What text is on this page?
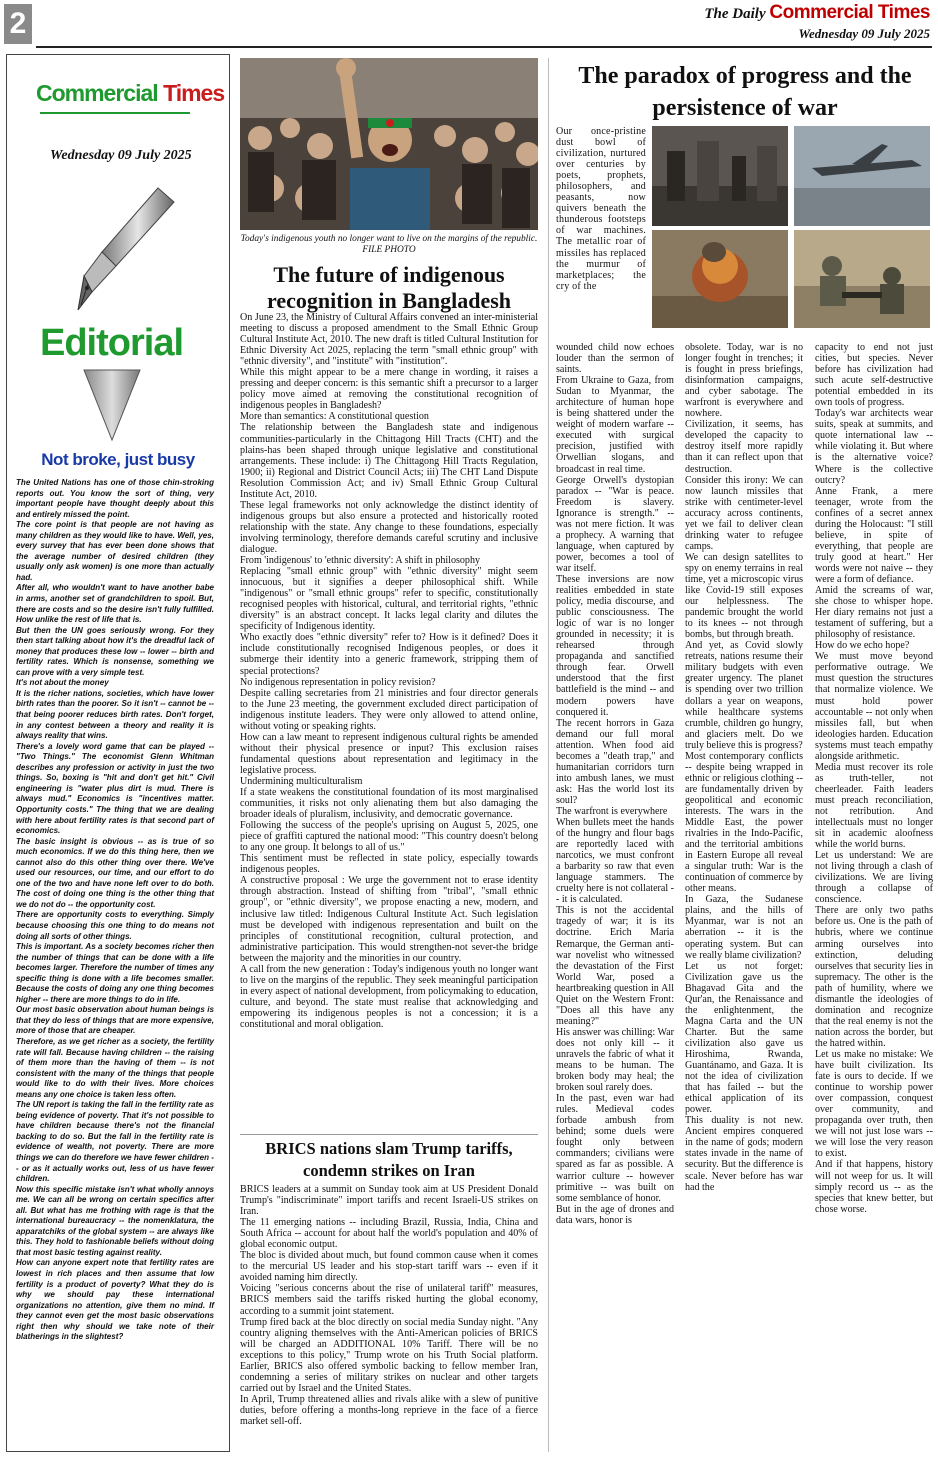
2	The Daily Commercial Times
Wednesday 09 July 2025
Commercial Times
Wednesday 09 July 2025
Editorial
Not broke, just busy

The United Nations has one of those chin-stroking reports out. You know the sort of thing, very important people have thought deeply about this and entirely missed the point.

The core point is that people are not having as many children as they would like to have. Well, yes, every survey that has ever been done shows that the average number of desired children (they usually only ask women) is one more than actually had.

After all, who wouldn't want to have another babe in arms, another set of grandchildren to spoil. But, there are costs and so the desire isn't fully fulfilled. How unlike the rest of life that is.

But then the UN goes seriously wrong. For they then start talking about how it's the dreadful lack of money that produces these low -- lower -- birth and fertility rates. Which is nonsense, something we can prove with a very simple test.

It's not about the money

It is the richer nations, societies, which have lower birth rates than the poorer. So it isn't -- cannot be -- that being poorer reduces birth rates. Don't forget, in any contest between a theory and reality it is always reality that wins.

There's a lovely word game that can be played -- "Two Things." The economist Glenn Whitman describes any profession or activity in just the two things. So, boxing is "hit and don't get hit." Civil engineering is "water plus dirt is mud. There is always mud." Economics is "incentives matter. Opportunity costs." The thing that we are dealing with here about fertility rates is that second part of economics.

The basic insight is obvious -- as is true of so much economics. If we do this thing here, then we cannot also do this other thing over there. We've used our resources, our time, and our effort to do one of the two and have none left over to do both. The cost of doing one thing is the other thing that we do not do -- the opportunity cost.

There are opportunity costs to everything. Simply because choosing this one thing to do means not doing all sorts of other things.

This is important. As a society becomes richer then the number of things that can be done with a life becomes larger. Therefore the number of times any specific thing is done with a life becomes smaller. Because the costs of doing any one thing becomes higher -- there are more things to do in life.

Our most basic observation about human beings is that they do less of things that are more expensive, more of those that are cheaper.

Therefore, as we get richer as a society, the fertility rate will fall. Because having children -- the raising of them more than the having of them -- is not consistent with the many of the things that people would like to do with their lives. More choices means any one choice is taken less often.

The UN report is taking the fall in the fertility rate as being evidence of poverty. That it's not possible to have children because there's not the financial backing to do so. But the fall in the fertility rate is evidence of wealth, not poverty. There are more things we can do therefore we have fewer children -- or as it actually works out, less of us have fewer children.

Now this specific mistake isn't what wholly annoys me. We can all be wrong on certain specifics after all. But what has me frothing with rage is that the international bureaucracy -- the nomenklatura, the apparatchiks of the global system -- are always like this. They hold to fashionable beliefs without doing that most basic testing against reality.

How can anyone expert note that fertility rates are lowest in rich places and then assume that low fertility is a product of poverty? What they do is why we should pay these international organizations no attention, give them no mind. If they cannot even get the most basic observations right then why should we take note of their blatherings in the slightest?

Today's indigenous youth no longer want to live on the margins of the republic. FILE PHOTO
The future of indigenous recognition in Bangladesh

On June 23, the Ministry of Cultural Affairs convened an inter-ministerial meeting to discuss a proposed amendment to the Small Ethnic Group Cultural Institute Act, 2010. The new draft is titled Cultural Institution for Ethnic Diversity Act 2025, replacing the term "small ethnic group" with "ethnic diversity", and "institute" with "institution".

While this might appear to be a mere change in wording, it raises a pressing and deeper concern: is this semantic shift a precursor to a larger policy move aimed at removing the constitutional recognition of indigenous peoples in Bangladesh?

More than semantics: A constitutional question

The relationship between the Bangladesh state and indigenous communities-particularly in the Chittagong Hill Tracts (CHT) and the plains-has been shaped through unique legislative and constitutional arrangements. These include: i) The Chittagong Hill Tracts Regulation, 1900; ii) Regional and District Council Acts; iii) The CHT Land Dispute Resolution Commission Act; and iv) Small Ethnic Group Cultural Institute Act, 2010.

These legal frameworks not only acknowledge the distinct identity of indigenous groups but also ensure a protected and historically rooted relationship with the state. Any change to these foundations, especially involving terminology, therefore demands careful scrutiny and inclusive dialogue.

From 'indigenous' to 'ethnic diversity': A shift in philosophy

Replacing "small ethnic group" with "ethnic diversity" might seem innocuous, but it signifies a deeper philosophical shift. While "indigenous" or "small ethnic groups" refer to specific, constitutionally recognised peoples with historical, cultural, and territorial rights, "ethnic diversity" is an abstract concept. It lacks legal clarity and dilutes the specificity of Indigenous identity.

Who exactly does "ethnic diversity" refer to? How is it defined? Does it include constitutionally recognised Indigenous peoples, or does it submerge their identity into a generic framework, stripping them of special protections?

No indigenous representation in policy revision?

Despite calling secretaries from 21 ministries and four director generals to the June 23 meeting, the government excluded direct participation of indigenous institute leaders. They were only allowed to attend online, without voting or speaking rights.

How can a law meant to represent indigenous cultural rights be amended without their physical presence or input? This exclusion raises fundamental questions about representation and legitimacy in the legislative process.

Undermining multiculturalism

If a state weakens the constitutional foundation of its most marginalised communities, it risks not only alienating them but also damaging the broader ideals of pluralism, inclusivity, and democratic governance.

Following the success of the people's uprising on August 5, 2025, one piece of graffiti captured the national mood: "This country doesn't belong to any one group. It belongs to all of us."

This sentiment must be reflected in state policy, especially towards indigenous peoples.

A constructive proposal : We urge the government not to erase identity through abstraction. Instead of shifting from "tribal", "small ethnic group", or "ethnic diversity", we propose enacting a new, modern, and inclusive law titled: Indigenous Cultural Institute Act. Such legislation must be developed with indigenous representation and built on the principles of constitutional recognition, cultural protection, and administrative participation. This would strengthen-not sever-the bridge between the majority and the minorities in our country.

A call from the new generation : Today's indigenous youth no longer want to live on the margins of the republic. They seek meaningful participation in every aspect of national development, from policymaking to education, culture, and beyond. The state must realise that acknowledging and empowering its indigenous peoples is not a concession; it is a constitutional and moral obligation.

BRICS nations slam Trump tariffs, condemn strikes on Iran

BRICS leaders at a summit on Sunday took aim at US President Donald Trump's "indiscriminate" import tariffs and recent Israeli-US strikes on Iran.

The 11 emerging nations -- including Brazil, Russia, India, China and South Africa -- account for about half the world's population and 40% of global economic output.

The bloc is divided about much, but found common cause when it comes to the mercurial US leader and his stop-start tariff wars -- even if it avoided naming him directly.

Voicing "serious concerns about the rise of unilateral tariff" measures, BRICS members said the tariffs risked hurting the global economy, according to a summit joint statement.

Trump fired back at the bloc directly on social media Sunday night. "Any country aligning themselves with the Anti-American policies of BRICS will be charged an ADDITIONAL 10% Tariff. There will be no exceptions to this policy," Trump wrote on his Truth Social platform. Earlier, BRICS also offered symbolic backing to fellow member Iran, condemning a series of military strikes on nuclear and other targets carried out by Israel and the United States.

In April, Trump threatened allies and rivals alike with a slew of punitive duties, before offering a months-long reprieve in the face of a fierce market sell-off.

The paradox of progress and the persistence of war

Our once-pristine dust bowl of civilization, nurtured over centuries by poets, prophets, philosophers, and peasants, now quivers beneath the thunderous footsteps of war machines. The metallic roar of missiles has replaced the murmur of marketplaces; the cry of the

wounded child now echoes louder than the sermon of saints.

From Ukraine to Gaza, from Sudan to Myanmar, the architecture of human hope is being shattered under the weight of modern warfare -- executed with surgical precision, justified with Orwellian slogans, and broadcast in real time.

George Orwell's dystopian paradox -- "War is peace. Freedom is slavery. Ignorance is strength." -- was not mere fiction. It was a prophecy. A warning that language, when captured by power, becomes a tool of war itself.

These inversions are now realities embedded in state policy, media discourse, and public consciousness. The logic of war is no longer grounded in necessity; it is rehearsed through propaganda and sanctified through fear. Orwell understood that the first battlefield is the mind -- and modern powers have conquered it.

The recent horrors in Gaza demand our full moral attention. When food aid becomes a "death trap," and humanitarian corridors turn into ambush lanes, we must ask: Has the world lost its soul?

The warfront is everywhere

When bullets meet the hands of the hungry and flour bags are reportedly laced with narcotics, we must confront a barbarity so raw that even language stammers. The cruelty here is not collateral -- it is calculated.

This is not the accidental tragedy of war; it is its doctrine. Erich Maria Remarque, the German anti-war novelist who witnessed the devastation of the First World War, posed a heartbreaking question in All Quiet on the Western Front: "Does all this have any meaning?"

His answer was chilling: War does not only kill -- it unravels the fabric of what it means to be human. The broken body may heal; the broken soul rarely does.

In the past, even war had rules. Medieval codes forbade ambush from behind; some duels were fought only between commanders; civilians were spared as far as possible. A warrior culture -- however primitive -- was built on some semblance of honor.

But in the age of drones and data wars, honor is

obsolete. Today, war is no longer fought in trenches; it is fought in press briefings, disinformation campaigns, and cyber sabotage. The warfront is everywhere and nowhere.

Civilization, it seems, has developed the capacity to destroy itself more rapidly than it can reflect upon that destruction.

Consider this irony: We can now launch missiles that strike with centimeter-level accuracy across continents, yet we fail to deliver clean drinking water to refugee camps.

We can design satellites to spy on enemy terrains in real time, yet a microscopic virus like Covid-19 still exposes our helplessness. The pandemic brought the world to its knees -- not through bombs, but through breath.

And yet, as Covid slowly retreats, nations resume their military budgets with even greater urgency. The planet is spending over two trillion dollars a year on weapons, while healthcare systems crumble, children go hungry, and glaciers melt. Do we truly believe this is progress?

Most contemporary conflicts -- despite being wrapped in ethnic or religious clothing -- are fundamentally driven by geopolitical and economic interests. The wars in the Middle East, the power rivalries in the Indo-Pacific, and the territorial ambitions in Eastern Europe all reveal a singular truth: War is the continuation of commerce by other means.

In Gaza, the Sudanese plains, and the hills of Myanmar, war is not an aberration -- it is the operating system. But can we really blame civilization?

Let us not forget: Civilization gave us the Bhagavad Gita and the Qur'an, the Renaissance and the enlightenment, the Magna Carta and the UN Charter. But the same civilization also gave us Hiroshima, Rwanda, Guantánamo, and Gaza. It is not the idea of civilization that has failed -- but the ethical application of its power.

This duality is not new. Ancient empires conquered in the name of gods; modern states invade in the name of security. But the difference is scale. Never before has war had the

capacity to end not just cities, but species. Never before has civilization had such acute self-destructive potential embedded in its own tools of progress.

Today's war architects wear suits, speak at summits, and quote international law -- while violating it. But where is the alternative voice? Where is the collective outcry?

Anne Frank, a mere teenager, wrote from the confines of a secret annex during the Holocaust: "I still believe, in spite of everything, that people are truly good at heart." Her words were not naive -- they were a form of defiance.

Amid the screams of war, she chose to whisper hope. Her diary remains not just a testament of suffering, but a philosophy of resistance.

How do we echo hope?

We must move beyond performative outrage. We must question the structures that normalize violence. We must hold power accountable -- not only when missiles fall, but when ideologies harden. Education systems must teach empathy alongside arithmetic.

Media must recover its role as truth-teller, not cheerleader. Faith leaders must preach reconciliation, not retribution. And intellectuals must no longer sit in academic aloofness while the world burns.

Let us understand: We are not living through a clash of civilizations. We are living through a collapse of conscience.

There are only two paths before us. One is the path of hubris, where we continue arming ourselves into extinction, deluding ourselves that security lies in supremacy. The other is the path of humility, where we dismantle the ideologies of domination and recognize that the real enemy is not the nation across the border, but the hatred within.

Let us make no mistake: We have built civilization. Its fate is ours to decide. If we continue to worship power over compassion, conquest over community, and propaganda over truth, then we will not just lose wars -- we will lose the very reason to exist.

And if that happens, history will not weep for us. It will simply record us -- as the species that knew better, but chose worse.
